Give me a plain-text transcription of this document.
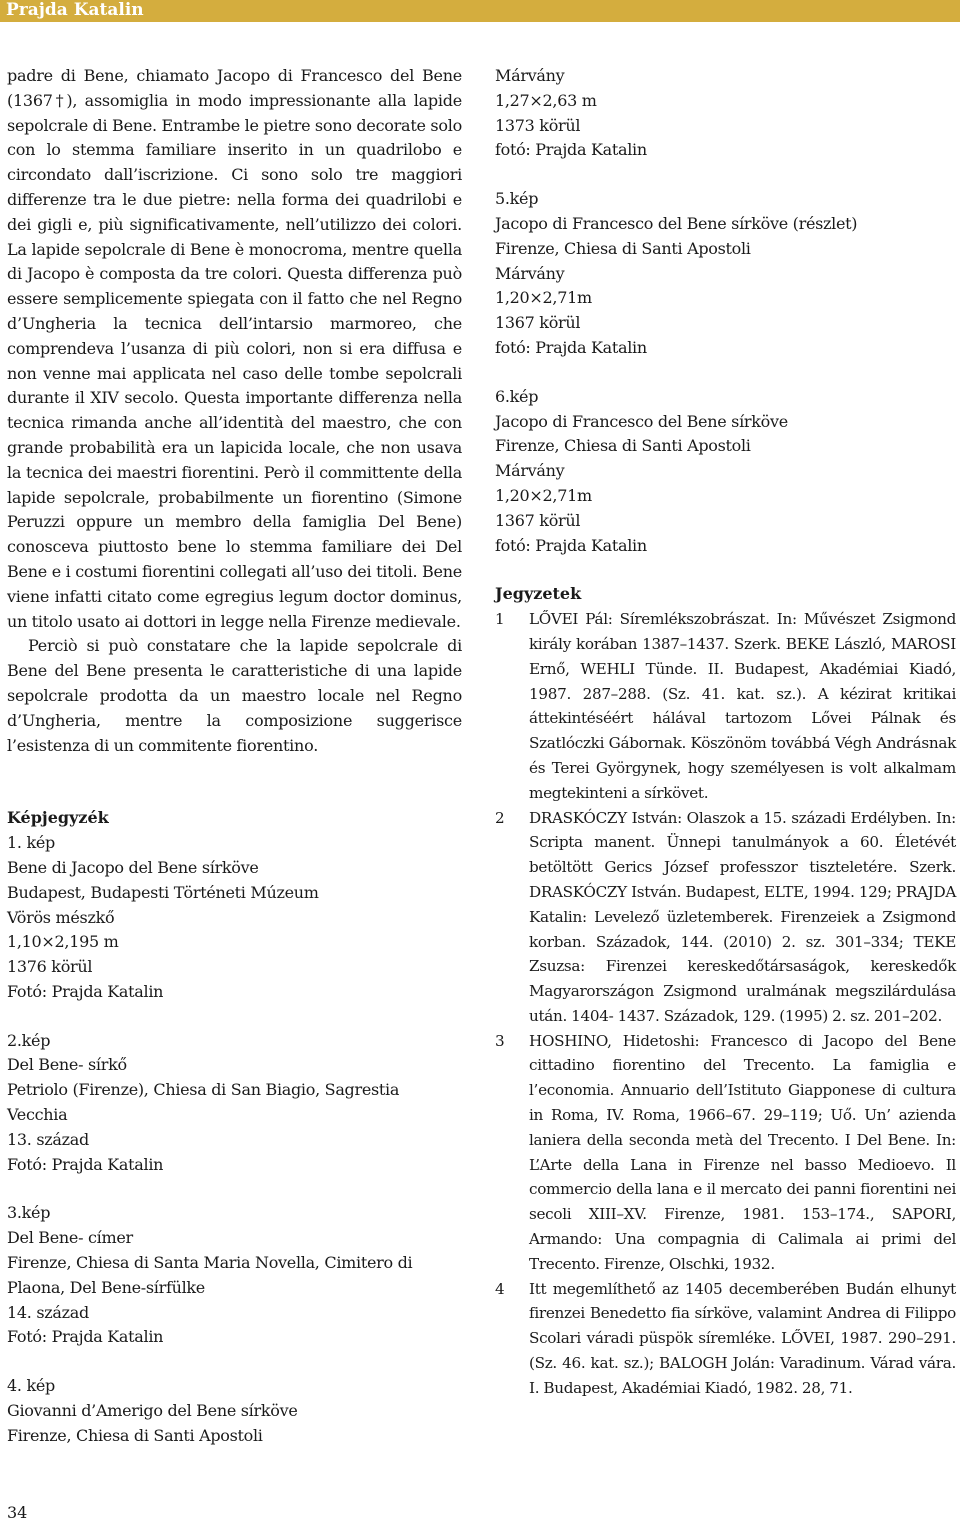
Prajda Katalin

padre di Bene, chiamato Jacopo di Francesco del Bene (1367†), assomiglia in modo impressionante alla lapide sepolcrale di Bene. Entrambe le pietre sono decorate solo con lo stemma familiare inserito in un quadrilobo e circondato dall’iscrizione. Ci sono solo tre maggiori differenze tra le due pietre: nella forma dei quadrilobi e dei gigli e, più significativamente, nell’utilizzo dei colori. La lapide sepolcrale di Bene è monocroma, mentre quella di Jacopo è composta da tre colori. Questa differenza può essere semplicemente spiegata con il fatto che nel Regno d’Ungheria la tecnica dell’intarsio marmoreo, che comprendeva l’usanza di più colori, non si era diffusa e non venne mai applicata nel caso delle tombe sepolcrali durante il XIV secolo. Questa importante differenza nella tecnica rimanda anche all’identità del maestro, che con grande probabilità era un lapicida locale, che non usava la tecnica dei maestri fiorentini. Però il committente della lapide sepolcrale, probabilmente un fiorentino (Simone Peruzzi oppure un membro della famiglia Del Bene) conosceva piuttosto bene lo stemma familiare dei Del Bene e i costumi fiorentini collegati all’uso dei titoli. Bene viene infatti citato come egregius legum doctor dominus, un titolo usato ai dottori in legge nella Firenze medievale.

Perciò si può constatare che la lapide sepolcrale di Bene del Bene presenta le caratteristiche di una lapide sepolcrale prodotta da un maestro locale nel Regno d’Ungheria, mentre la composizione suggerisce l’esistenza di un commitente fiorentino.

Képjegyzék

1. kép
Bene di Jacopo del Bene sírköve
Budapest, Budapesti Történeti Múzeum
Vörös mészkő
1,10×2,195 m
1376 körül
Fotó: Prajda Katalin
2.kép
Del Bene- sírkő
Petriolo (Firenze), Chiesa di San Biagio, Sagrestia
Vecchia
13. század
Fotó: Prajda Katalin
3.kép
Del Bene- címer
Firenze, Chiesa di Santa Maria Novella, Cimitero di
Plaona, Del Bene-sírfülke
14. század
Fotó: Prajda Katalin
4. kép
Giovanni d’Amerigo del Bene sírköve
Firenze, Chiesa di Santi Apostoli
Márvány
1,27×2,63 m
1373 körül
fotó: Prajda Katalin
5.kép
Jacopo di Francesco del Bene sírköve (részlet)
Firenze, Chiesa di Santi Apostoli
Márvány
1,20×2,71m
1367 körül
fotó: Prajda Katalin
6.kép
Jacopo di Francesco del Bene sírköve
Firenze, Chiesa di Santi Apostoli
Márvány
1,20×2,71m
1367 körül
fotó: Prajda Katalin

Jegyzetek

1 LŐVEI Pál: Síremlékszobrászat. In: Művészet Zsigmond király korában 1387–1437. Szerk. BEKE László, MAROSI Ernő, WEHLI Tünde. II. Budapest, Akadémiai Kiadó, 1987. 287–288. (Sz. 41. kat. sz.). A kézirat kritikai áttekintéséért hálával tartozom Lővei Pálnak és Szatlóczki Gábornak. Köszönöm továbbá Végh Andrásnak és Terei Györgynek, hogy személyesen is volt alkalmam megtekinteni a sírkövet.
2 DRASKÓCZY István: Olaszok a 15. századi Erdélyben. In: Scripta manent. Ünnepi tanulmányok a 60. Életévét betöltött Gerics József professzor tiszteletére. Szerk. DRASKÓCZY István. Budapest, ELTE, 1994. 129; PRAJDA Katalin: Levelező üzletemberek. Firenzeiek a Zsigmond korban. Századok, 144. (2010) 2. sz. 301–334; TEKE Zsuzsa: Firenzei kereskedőtársaságok, kereskedők Magyarországon Zsigmond uralmának megszilárdulása után. 1404- 1437. Századok, 129. (1995) 2. sz. 201–202.
3 HOSHINO, Hidetoshi: Francesco di Jacopo del Bene cittadino fiorentino del Trecento. La famiglia e l’economia. Annuario dell’Istituto Giapponese di cultura in Roma, IV. Roma, 1966–67. 29–119; Uő. Un’ azienda laniera della seconda metà del Trecento. I Del Bene. In: L’Arte della Lana in Firenze nel basso Medioevo. Il commercio della lana e il mercato dei panni fiorentini nei secoli XIII–XV. Firenze, 1981. 153–174., SAPORI, Armando: Una compagnia di Calimala ai primi del Trecento. Firenze, Olschki, 1932.
4 Itt megemlíthető az 1405 decemberében Budán elhunyt firenzei Benedetto fia sírköve, valamint Andrea di Filippo Scolari váradi püspök síremléke. LŐVEI, 1987. 290–291. (Sz. 46. kat. sz.); BALOGH Jolán: Varadinum. Várad vára. I. Budapest, Akadémiai Kiadó, 1982. 28, 71.
34
